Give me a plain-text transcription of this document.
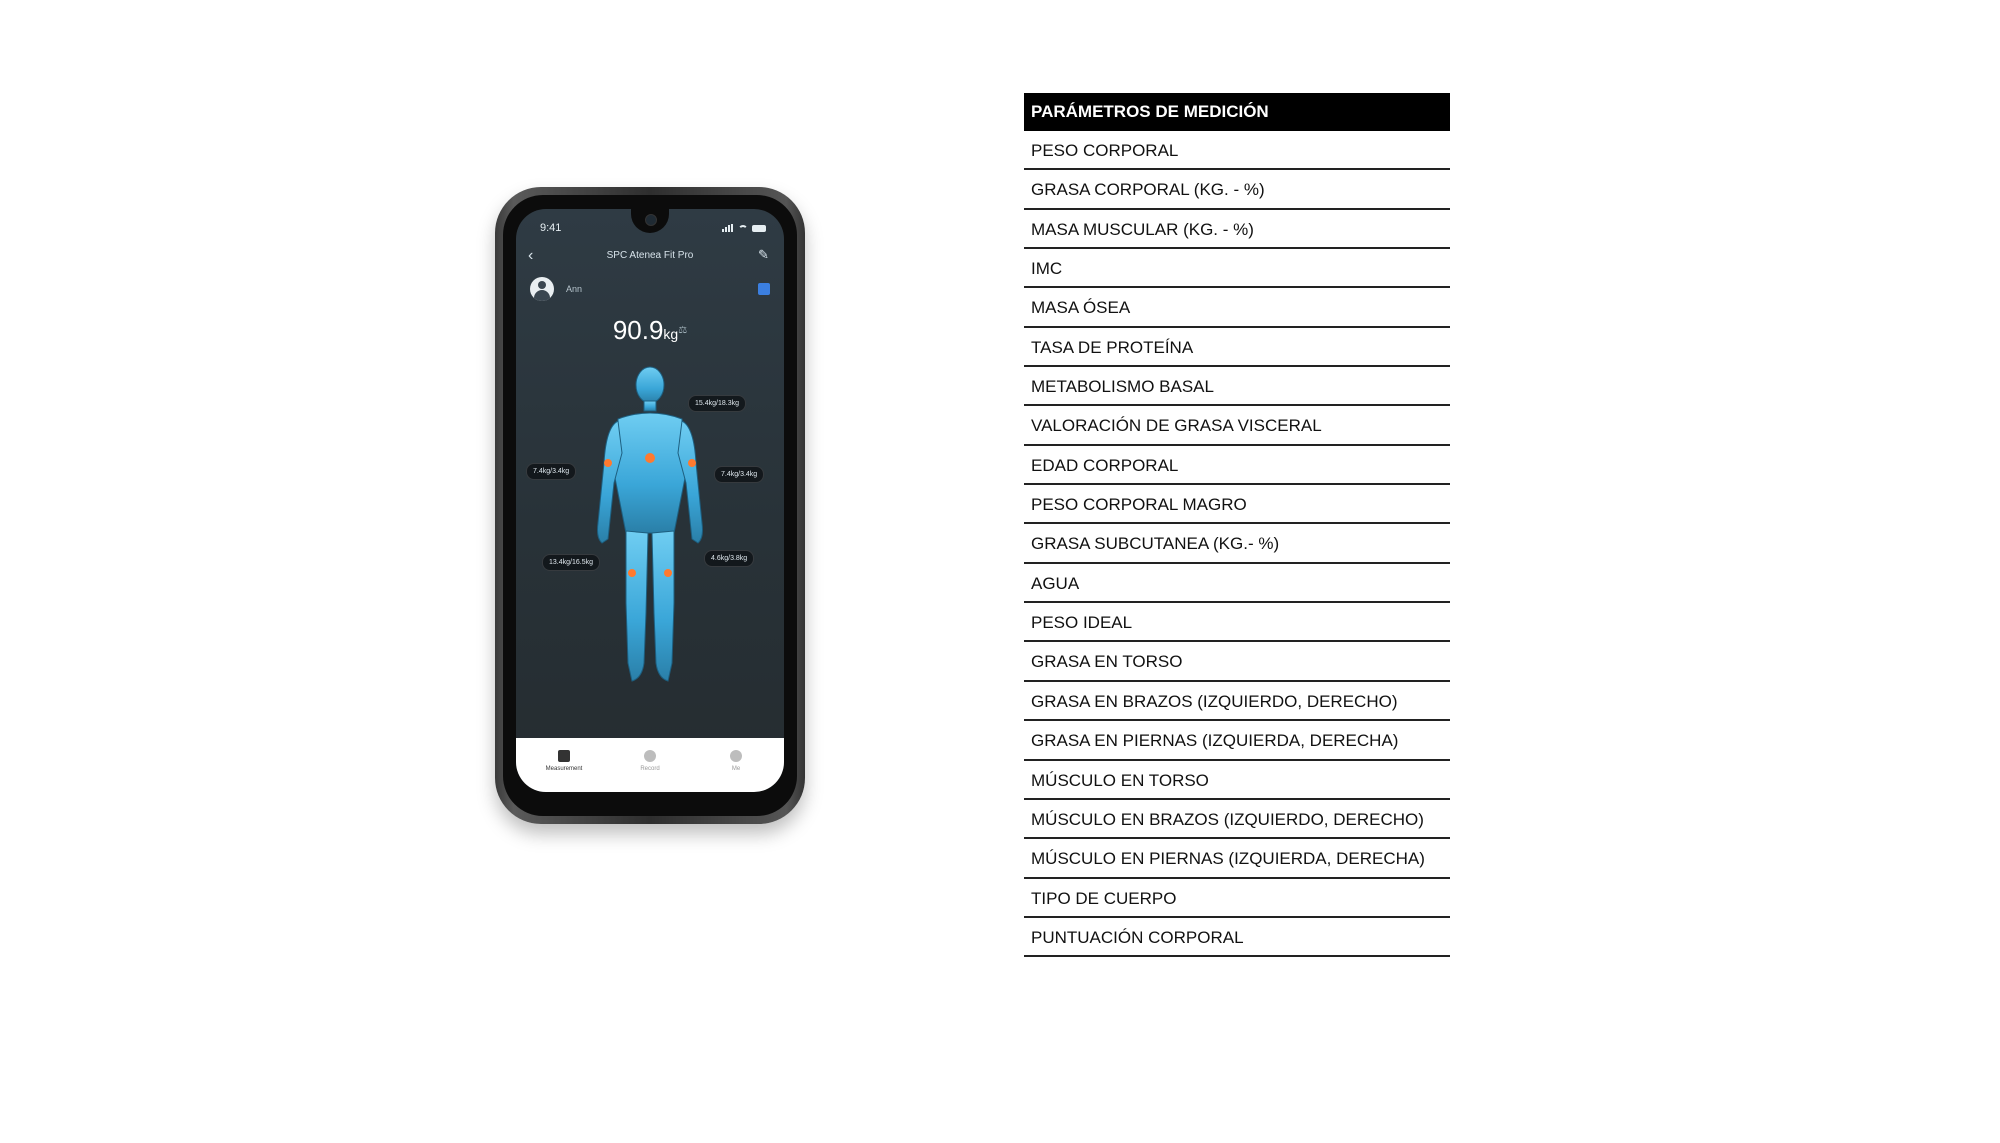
9:41
‹	SPC Atenea Fit Pro	✎
Ann
90.9kg⚖
15.4kg/18.3kg
7.4kg/3.4kg	7.4kg/3.4kg
13.4kg/16.5kg
4.6kg/3.8kg
Measurement	Record	Me
PARÁMETROS DE MEDICIÓN
PESO CORPORAL
GRASA CORPORAL (KG. - %)
MASA MUSCULAR (KG. - %)
IMC
MASA ÓSEA
TASA DE PROTEÍNA
METABOLISMO BASAL
VALORACIÓN DE GRASA VISCERAL
EDAD CORPORAL
PESO CORPORAL MAGRO
GRASA SUBCUTANEA (KG.- %)
AGUA
PESO IDEAL
GRASA EN TORSO
GRASA EN BRAZOS (IZQUIERDO, DERECHO)
GRASA EN PIERNAS (IZQUIERDA, DERECHA)
MÚSCULO EN TORSO
MÚSCULO EN BRAZOS (IZQUIERDO, DERECHO)
MÚSCULO EN PIERNAS (IZQUIERDA, DERECHA)
TIPO DE CUERPO
PUNTUACIÓN CORPORAL
